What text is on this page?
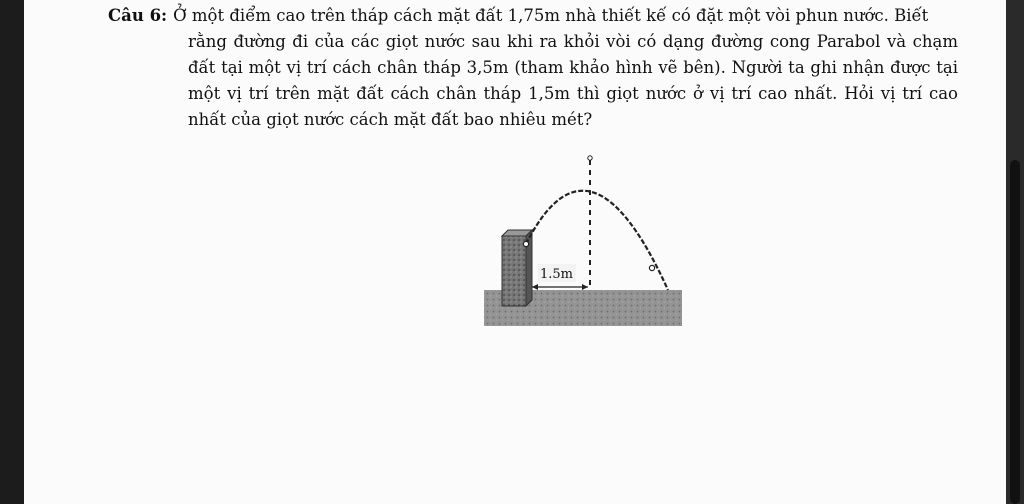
Câu 6: Ở một điểm cao trên tháp cách mặt đất 1,75m nhà thiết kế có đặt một vòi phun nước. Biết
rằng đường đi của các giọt nước sau khi ra khỏi vòi có dạng đường cong Parabol và chạm đất tại một vị trí cách chân tháp 3,5m (tham khảo hình vẽ bên). Người ta ghi nhận được tại một vị trí trên mặt đất cách chân tháp 1,5m thì giọt nước ở vị trí cao nhất. Hỏi vị trí cao nhất của giọt nước cách mặt đất bao nhiêu mét?
1.5m
